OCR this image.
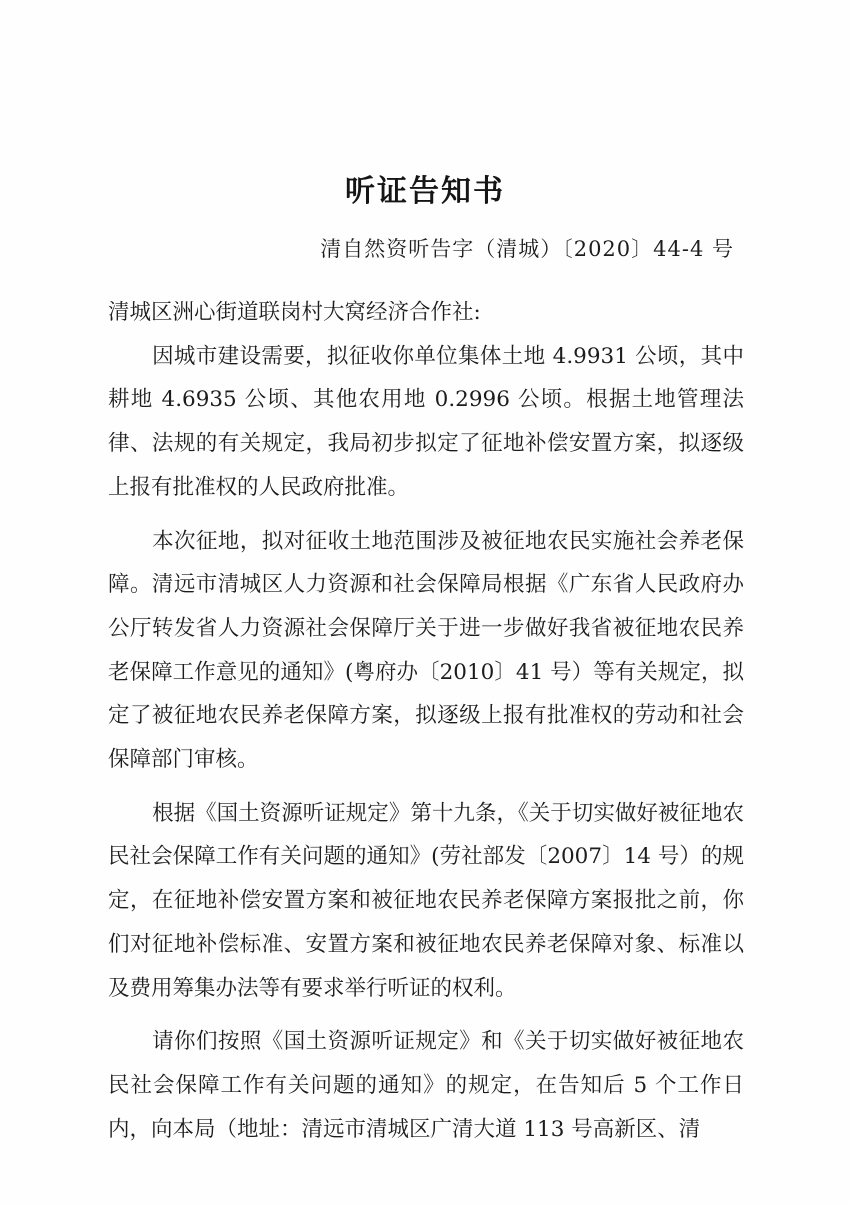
听证告知书
清自然资听告字（清城）〔2020〕44-4 号

清城区洲心街道联岗村大窝经济合作社:

因城市建设需要，拟征收你单位集体土地 4.9931 公顷，其中耕地 4.6935 公顷、其他农用地 0.2996 公顷。根据土地管理法律、法规的有关规定，我局初步拟定了征地补偿安置方案，拟逐级上报有批准权的人民政府批准。

本次征地，拟对征收土地范围涉及被征地农民实施社会养老保障。清远市清城区人力资源和社会保障局根据《广东省人民政府办公厅转发省人力资源社会保障厅关于进一步做好我省被征地农民养老保障工作意见的通知》(粤府办〔2010〕41 号）等有关规定，拟定了被征地农民养老保障方案，拟逐级上报有批准权的劳动和社会保障部门审核。

根据《国土资源听证规定》第十九条，《关于切实做好被征地农民社会保障工作有关问题的通知》(劳社部发〔2007〕14 号）的规定，在征地补偿安置方案和被征地农民养老保障方案报批之前，你们对征地补偿标准、安置方案和被征地农民养老保障对象、标准以及费用筹集办法等有要求举行听证的权利。

请你们按照《国土资源听证规定》和《关于切实做好被征地农民社会保障工作有关问题的通知》的规定，在告知后 5 个工作日内，向本局（地址：清远市清城区广清大道 113 号高新区、清
